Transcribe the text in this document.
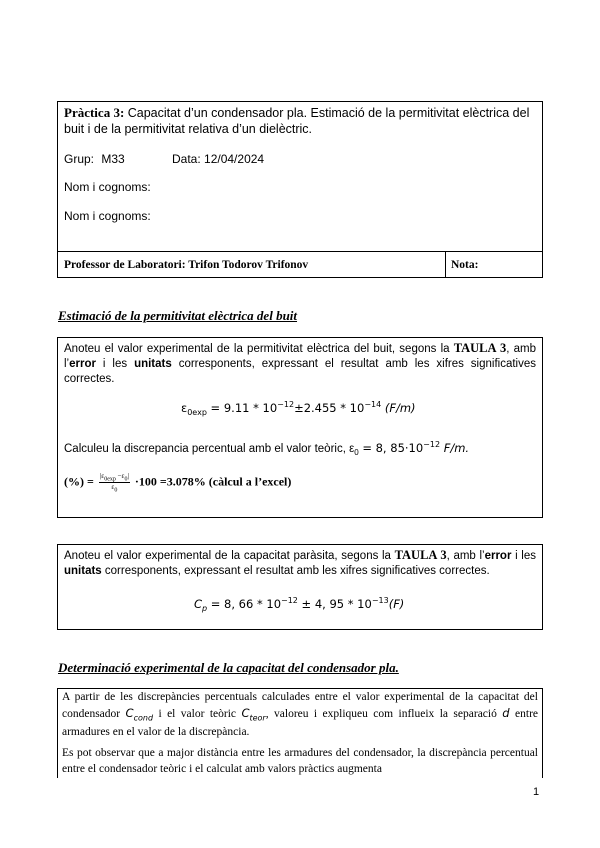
Pràctica 3: Capacitat d’un condensador pla. Estimació de la permitivitat elèctrica del buit i de la permitivitat relativa d’un dielèctric.
Grup: M33	Data: 12/04/2024
Nom i cognoms:
Nom i cognoms:
Professor de Laboratori: Trifon Todorov Trifonov	Nota:
Estimació de la permitivitat elèctrica del buit
Anoteu el valor experimental de la permitivitat elèctrica del buit, segons la TAULA 3, amb l’error i les unitats corresponents, expressant el resultat amb les xifres significatives correctes.
$\varepsilon_{0exp} = 9.11 * 10^{-12}\pm 2.455 * 10^{-14}$ (F/m)
Calculeu la discrepancia percentual amb el valor teòric, $\varepsilon_0 = 8$, $85\cdot 10^{-12}$ F/m.
(%) = $\frac{|\varepsilon_{0exp} -\varepsilon_0|}{\varepsilon_0} \cdot 100 =3.078\%$ (càlcul a l’excel)
Anoteu el valor experimental de la capacitat paràsita, segons la TAULA 3, amb l’error i les unitats corresponents, expressant el resultat amb les xifres significatives correctes.
$C_p = 8$, $66 * 10^{-12} \pm 4$, $95 * 10^{-13}(F)$
Determinació experimental de la capacitat del condensador pla.
A partir de les discrepàncies percentuals calculades entre el valor experimental de la capacitat del condensador $C_{cond}$ i el valor teòric $C_{teor}$, valoreu i expliqueu com influeix la separació d entre armadures en el valor de la discrepància.
Es pot observar que a major distància entre les armadures del condensador, la discrepància percentual entre el condensador teòric i el calculat amb valors pràctics augmenta
1
